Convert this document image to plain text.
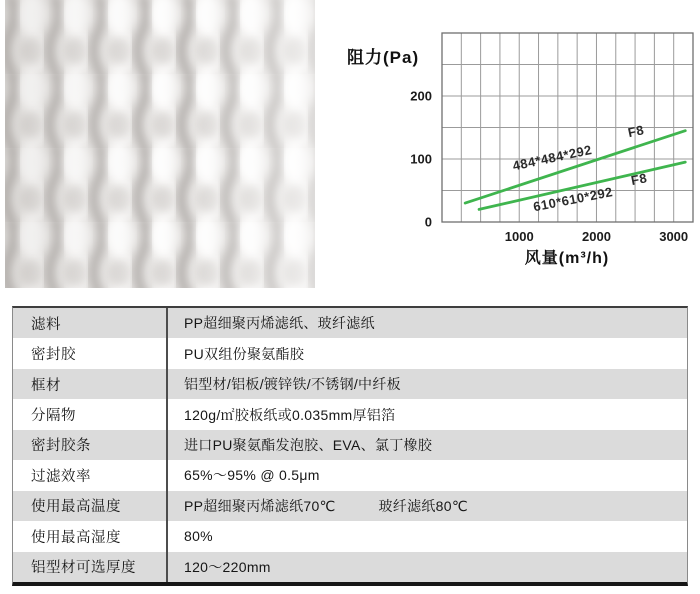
阻力(Pa)
1000	2000	3000
0
100
200
484*484*292
F8
610*610*292
F8
风量(m³/h)
滤料	PP超细聚丙烯滤纸、玻纤滤纸
密封胶	PU双组份聚氨酯胶
框材	铝型材/铝板/镀锌铁/不锈钢/中纤板
分隔物	120g/㎡胶板纸或0.035mm厚铝箔
密封胶条	进口PU聚氨酯发泡胶、EVA、氯丁橡胶
过滤效率	65%～95% @ 0.5μm
使用最高温度	PP超细聚丙烯滤纸70℃　　　玻纤滤纸80℃
使用最高湿度	80%
铝型材可选厚度	120～220mm
